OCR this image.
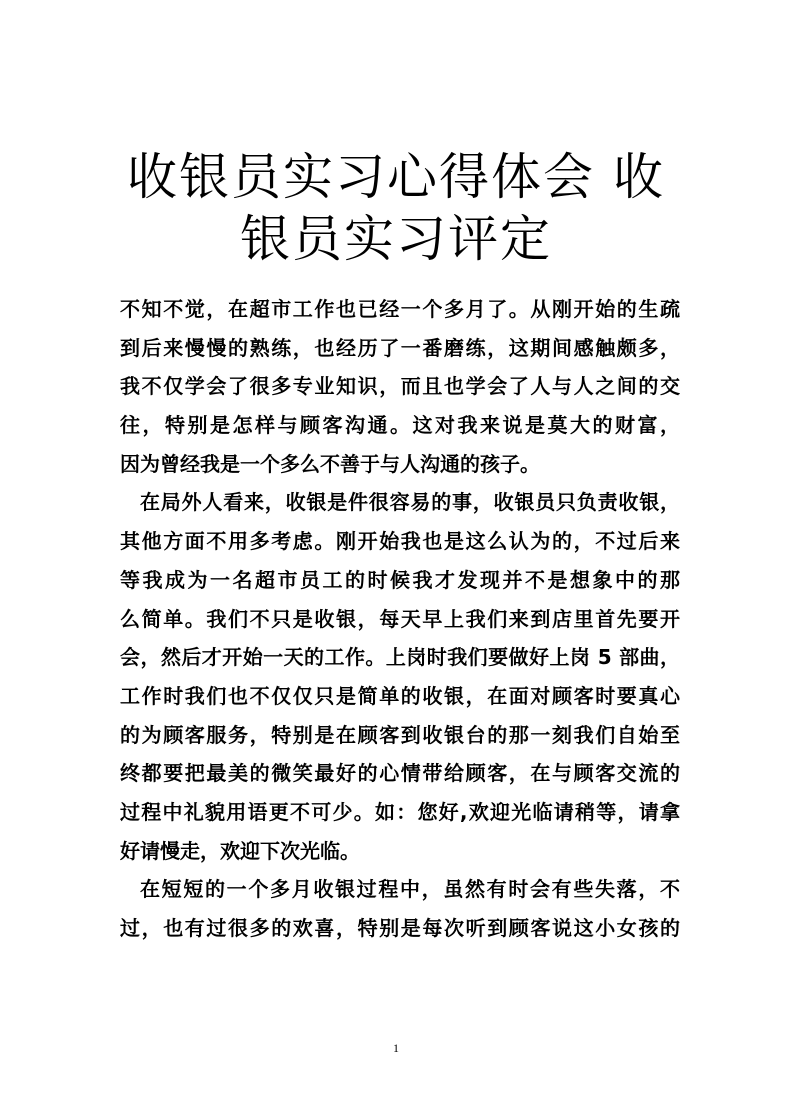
收银员实习心得体会 收
银员实习评定
不知不觉，在超市工作也已经一个多月了。从刚开始的生疏
到后来慢慢的熟练，也经历了一番磨练，这期间感触颇多，
我不仅学会了很多专业知识，而且也学会了人与人之间的交
往，特别是怎样与顾客沟通。这对我来说是莫大的财富，
因为曾经我是一个多么不善于与人沟通的孩子。
在局外人看来，收银是件很容易的事，收银员只负责收银，
其他方面不用多考虑。刚开始我也是这么认为的，不过后来
等我成为一名超市员工的时候我才发现并不是想象中的那
么简单。我们不只是收银，每天早上我们来到店里首先要开
会，然后才开始一天的工作。上岗时我们要做好上岗 5 部曲，
工作时我们也不仅仅只是简单的收银，在面对顾客时要真心
的为顾客服务，特别是在顾客到收银台的那一刻我们自始至
终都要把最美的微笑最好的心情带给顾客，在与顾客交流的
过程中礼貌用语更不可少。如：您好,欢迎光临请稍等，请拿
好请慢走，欢迎下次光临。
在短短的一个多月收银过程中，虽然有时会有些失落，不
过，也有过很多的欢喜，特别是每次听到顾客说这小女孩的
1
